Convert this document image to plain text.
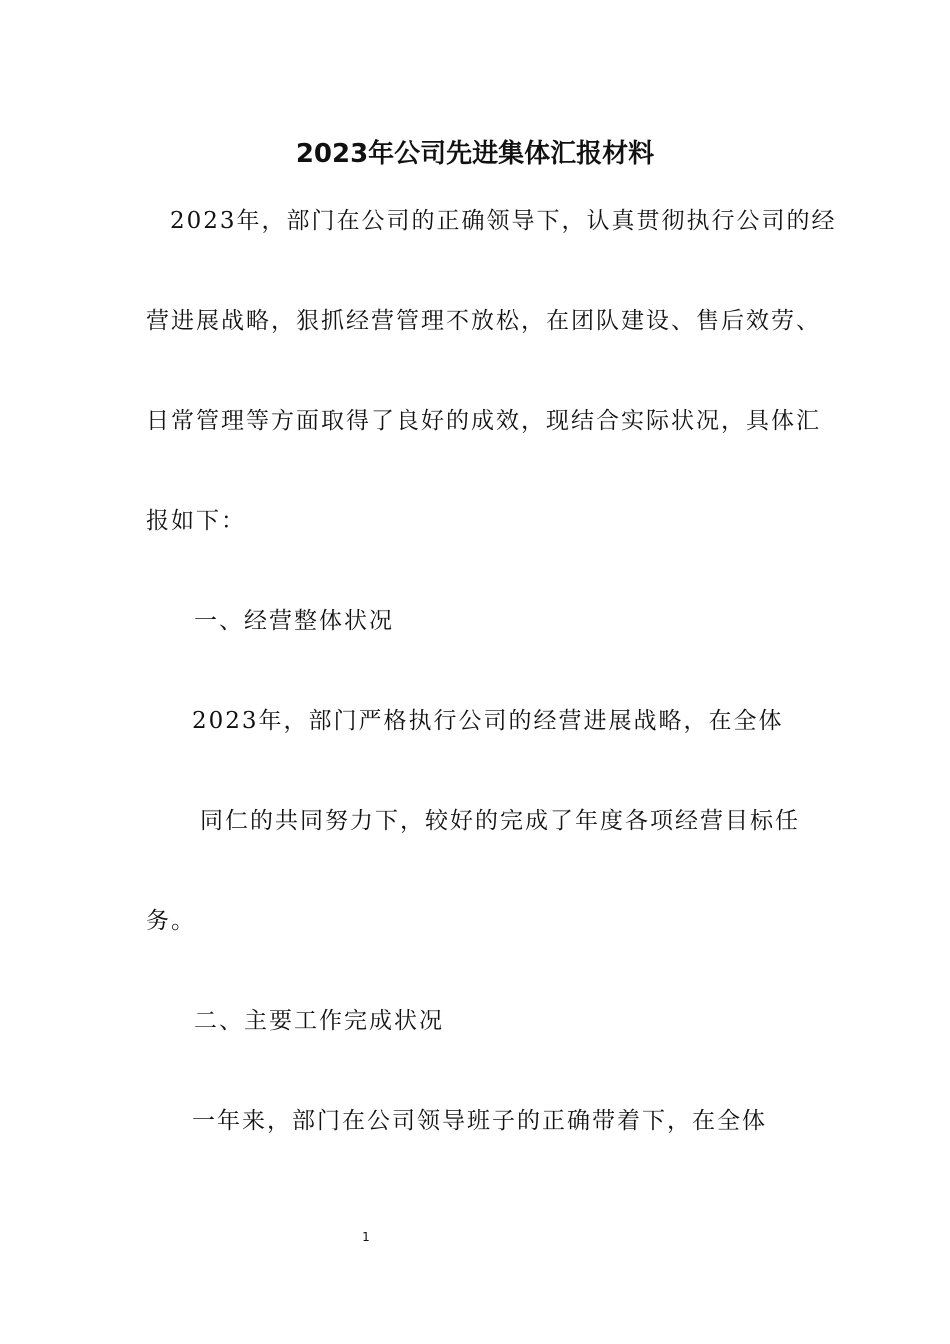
2023年公司先进集体汇报材料
2023年，部门在公司的正确领导下，认真贯彻执行公司的经
营进展战略，狠抓经营管理不放松，在团队建设、售后效劳、
日常管理等方面取得了良好的成效，现结合实际状况，具体汇
报如下：
一、经营整体状况
2023年，部门严格执行公司的经营进展战略，在全体
同仁的共同努力下，较好的完成了年度各项经营目标任
务。
二、主要工作完成状况
一年来，部门在公司领导班子的正确带着下，在全体
1
